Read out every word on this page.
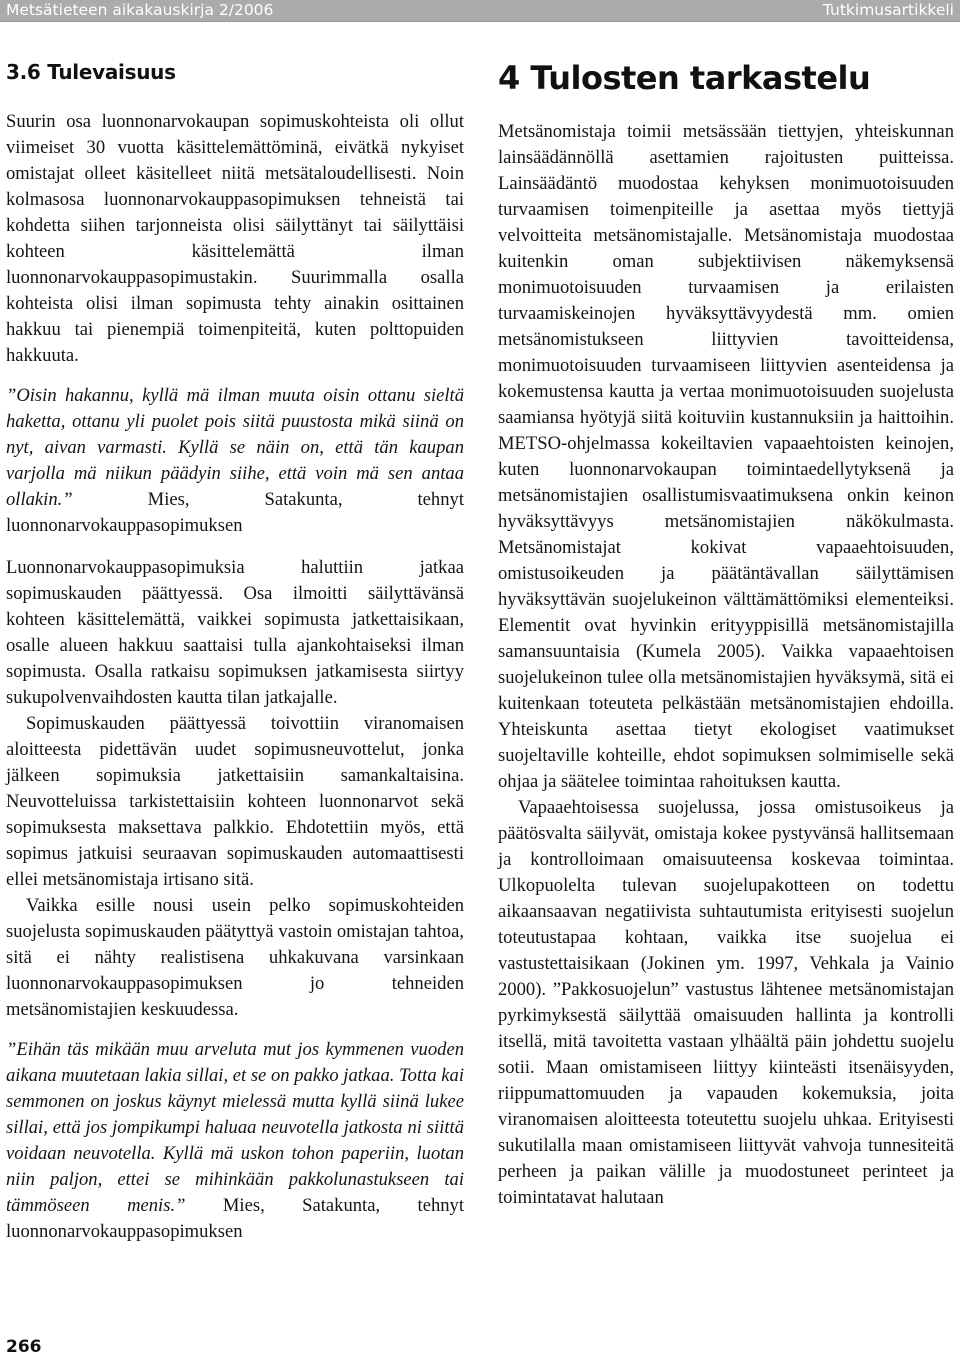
Metsätieteen aikakauskirja 2/2006	Tutkimusartikkeli
3.6 Tulevaisuus

Suurin osa luonnonarvokaupan sopimuskohteista oli ollut viimeiset 30 vuotta käsittelemättöminä, eivätkä nykyiset omistajat olleet käsitelleet niitä metsätaloudellisesti. Noin kolmasosa luonnonarvokauppasopimuksen tehneistä tai kohdetta siihen tarjonneista olisi säilyttänyt tai säilyttäisi kohteen käsittelemättä ilman luonnonarvokauppasopimustakin. Suurimmalla osalla kohteista olisi ilman sopimusta tehty ainakin osittainen hakkuu tai pienempiä toimenpiteitä, kuten polttopuiden hakkuuta.

”Oisin hakannu, kyllä mä ilman muuta oisin ottanu sieltä haketta, ottanu yli puolet pois siitä puustosta mikä siinä on nyt, aivan varmasti. Kyllä se näin on, että tän kaupan varjolla mä niikun päädyin siihe, että voin mä sen antaa ollakin.” Mies, Satakunta, tehnyt luonnonarvokauppasopimuksen

Luonnonarvokauppasopimuksia haluttiin jatkaa sopimuskauden päättyessä. Osa ilmoitti säilyttävänsä kohteen käsittelemättä, vaikkei sopimusta jatkettaisikaan, osalle alueen hakkuu saattaisi tulla ajankohtaiseksi ilman sopimusta. Osalla ratkaisu sopimuksen jatkamisesta siirtyy sukupolvenvaihdosten kautta tilan jatkajalle.

Sopimuskauden päättyessä toivottiin viranomaisen aloitteesta pidettävän uudet sopimusneuvottelut, jonka jälkeen sopimuksia jatkettaisiin samankaltaisina. Neuvotteluissa tarkistettaisiin kohteen luonnonarvot sekä sopimuksesta maksettava palkkio. Ehdotettiin myös, että sopimus jatkuisi seuraavan sopimuskauden automaattisesti ellei metsänomistaja irtisano sitä.

Vaikka esille nousi usein pelko sopimuskohteiden suojelusta sopimuskauden päätyttyä vastoin omistajan tahtoa, sitä ei nähty realistisena uhkakuvana varsinkaan luonnonarvokauppasopimuksen jo tehneiden metsänomistajien keskuudessa.

”Eihän täs mikään muu arveluta mut jos kymmenen vuoden aikana muutetaan lakia sillai, et se on pakko jatkaa. Totta kai semmonen on joskus käynyt mielessä mutta kyllä siinä lukee sillai, että jos jompikumpi haluaa neuvotella jatkosta ni siittä voidaan neuvotella. Kyllä mä uskon tohon paperiin, luotan niin paljon, ettei se mihinkään pakkolunastukseen tai tämmöseen menis.” Mies, Satakunta, tehnyt luonnonarvokauppasopimuksen

4 Tulosten tarkastelu

Metsänomistaja toimii metsässään tiettyjen, yhteiskunnan lainsäädännöllä asettamien rajoitusten puitteissa. Lainsäädäntö muodostaa kehyksen monimuotoisuuden turvaamisen toimenpiteille ja asettaa myös tiettyjä velvoitteita metsänomistajalle. Metsänomistaja muodostaa kuitenkin oman subjektiivisen näkemyksensä monimuotoisuuden turvaamisen ja erilaisten turvaamiskeinojen hyväksyttävyydestä mm. omien metsänomistukseen liittyvien tavoitteidensa, monimuotoisuuden turvaamiseen liittyvien asenteidensa ja kokemustensa kautta ja vertaa monimuotoisuuden suojelusta saamiansa hyötyjä siitä koituviin kustannuksiin ja haittoihin. METSO-ohjelmassa kokeiltavien vapaaehtoisten keinojen, kuten luonnonarvokaupan toimintaedellytyksenä ja metsänomistajien osallistumisvaatimuksena onkin keinon hyväksyttävyys metsänomistajien näkökulmasta. Metsänomistajat kokivat vapaaehtoisuuden, omistusoikeuden ja päätäntävallan säilyttämisen hyväksyttävän suojelukeinon välttämättömiksi elementeiksi. Elementit ovat hyvinkin erityyppisillä metsänomistajilla samansuuntaisia (Kumela 2005). Vaikka vapaaehtoisen suojelukeinon tulee olla metsänomistajien hyväksymä, sitä ei kuitenkaan toteuteta pelkästään metsänomistajien ehdoilla. Yhteiskunta asettaa tietyt ekologiset vaatimukset suojeltaville kohteille, ehdot sopimuksen solmimiselle sekä ohjaa ja säätelee toimintaa rahoituksen kautta.

Vapaaehtoisessa suojelussa, jossa omistusoikeus ja päätösvalta säilyvät, omistaja kokee pystyvänsä hallitsemaan ja kontrolloimaan omaisuuteensa koskevaa toimintaa. Ulkopuolelta tulevan suojelupakotteen on todettu aikaansaavan negatiivista suhtautumista erityisesti suojelun toteutustapaa kohtaan, vaikka itse suojelua ei vastustettaisikaan (Jokinen ym. 1997, Vehkala ja Vainio 2000). ”Pakkosuojelun” vastustus lähtenee metsänomistajan pyrkimyksestä säilyttää omaisuuden hallinta ja kontrolli itsellä, mitä tavoitetta vastaan ylhäältä päin johdettu suojelu sotii. Maan omistamiseen liittyy kiinteästi itsenäisyyden, riippumattomuuden ja vapauden kokemuksia, joita viranomaisen aloitteesta toteutettu suojelu uhkaa. Erityisesti sukutilalla maan omistamiseen liittyvät vahvoja tunnesiteitä perheen ja paikan välille ja muodostuneet perinteet ja toimintatavat halutaan

266
